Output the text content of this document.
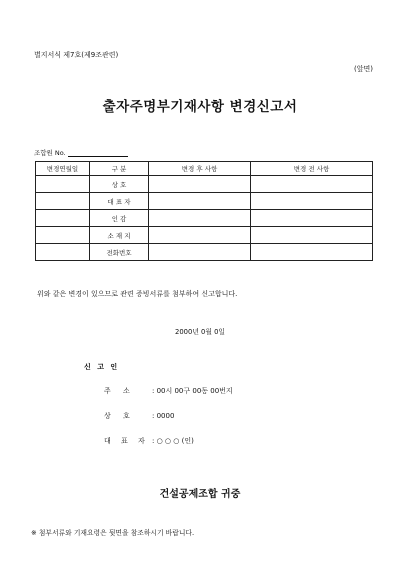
별지서식 제7호(제9조관련)
(앞면)
출자주명부기재사항 변경신고서
조합원 No.
변경연월일	구 분	변경 후 사항	변경 전 사항
	상 호		
	대 표 자		
	인 감		
	소 재 지		
	전화번호		
위와 같은 변경이 있으므로 관련 증빙서류를 첨부하여 신고합니다.
2000년 0월 0일
신 고 인
주 소 : 00시 00구 00동 00번지
상 호 : 0000
대 표 자 : ○ ○ ○ (인)
건설공제조합 귀중
※ 첨부서류와 기재요령은 뒷면을 참조하시기 바랍니다.
